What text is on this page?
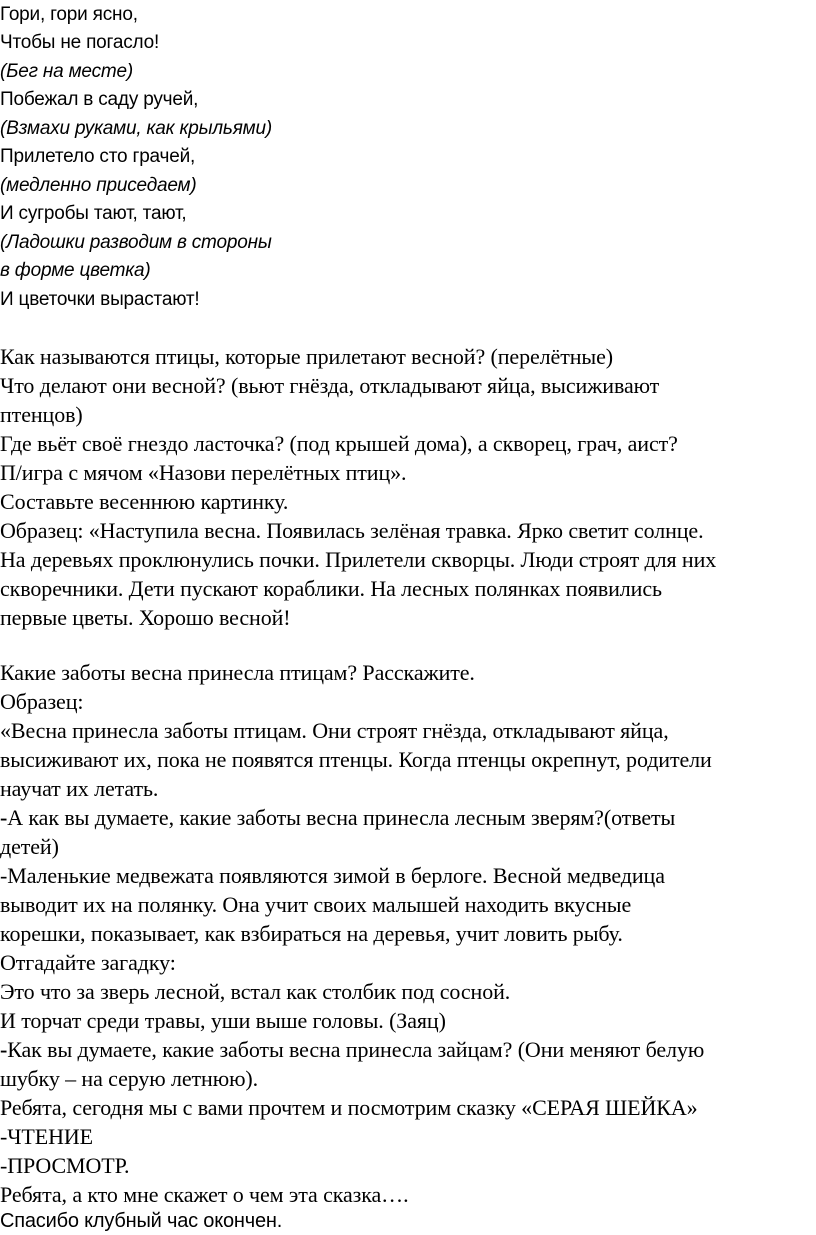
Гори, гори ясно,

Чтобы не погасло!

(Бег на месте)

Побежал в саду ручей,

(Взмахи руками, как крыльями)

Прилетело сто грачей,

(медленно приседаем)

И сугробы тают, тают,

(Ладошки разводим в стороны

в форме цветка)

И цветочки вырастают!

Как называются птицы, которые прилетают весной? (перелётные)

Что делают они весной? (вьют гнёзда, откладывают яйца, высиживают

птенцов)

Где вьёт своё гнездо ласточка? (под крышей дома), а скворец, грач, аист?

П/игра с мячом «Назови перелётных птиц».

Составьте весеннюю картинку.

Образец: «Наступила весна. Появилась зелёная травка. Ярко светит солнце.

На деревьях проклюнулись почки. Прилетели скворцы. Люди строят для них

скворечники. Дети пускают кораблики. На лесных полянках появились

первые цветы. Хорошо весной!

Какие заботы весна принесла птицам? Расскажите.

Образец:

«Весна принесла заботы птицам. Они строят гнёзда, откладывают яйца,

высиживают их, пока не появятся птенцы. Когда птенцы окрепнут, родители

научат их летать.

-А как вы думаете, какие заботы весна принесла лесным зверям?(ответы

детей)

-Маленькие медвежата появляются зимой в берлоге. Весной медведица

выводит их на полянку. Она учит своих малышей находить вкусные

корешки, показывает, как взбираться на деревья, учит ловить рыбу.

Отгадайте загадку:

Это что за зверь лесной, встал как столбик под сосной.

И торчат среди травы, уши выше головы. (Заяц)

-Как вы думаете, какие заботы весна принесла зайцам? (Они меняют белую

шубку – на серую летнюю).

Ребята, сегодня мы с вами прочтем и посмотрим сказку «СЕРАЯ ШЕЙКА»

-ЧТЕНИЕ

-ПРОСМОТР.

Ребята, а кто мне скажет о чем эта сказка….

Спасибо клубный час окончен.
